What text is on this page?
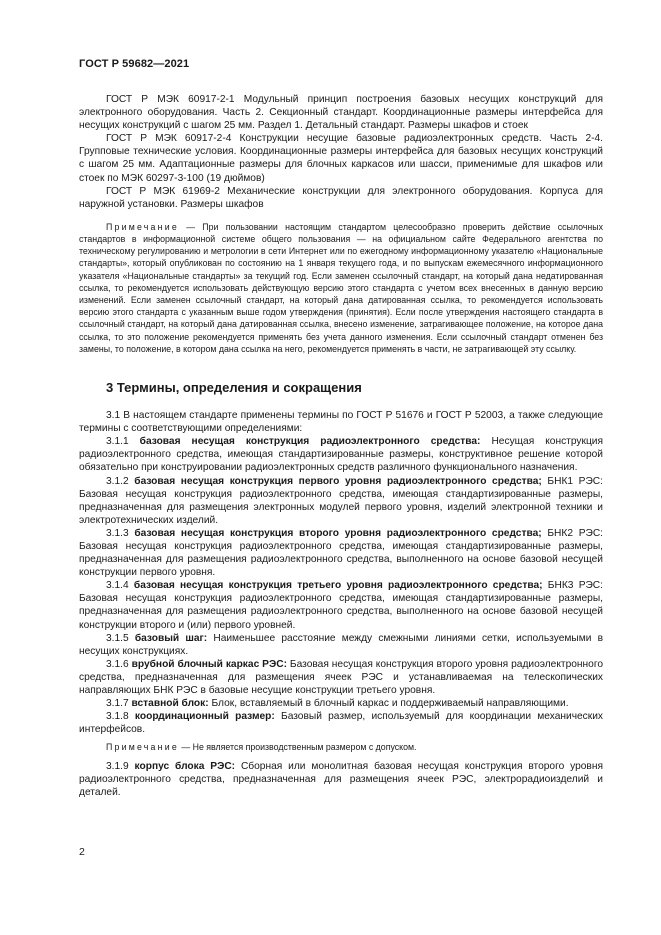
ГОСТ Р 59682—2021

ГОСТ Р МЭК 60917-2-1 Модульный принцип построения базовых несущих конструкций для электронного оборудования. Часть 2. Секционный стандарт. Координационные размеры интерфейса для несущих конструкций с шагом 25 мм. Раздел 1. Детальный стандарт. Размеры шкафов и стоек

ГОСТ Р МЭК 60917-2-4 Конструкции несущие базовые радиоэлектронных средств. Часть 2-4. Групповые технические условия. Координационные размеры интерфейса для базовых несущих конструкций с шагом 25 мм. Адаптационные размеры для блочных каркасов или шасси, применимые для шкафов или стоек по МЭК 60297-3-100 (19 дюймов)

ГОСТ Р МЭК 61969-2 Механические конструкции для электронного оборудования. Корпуса для наружной установки. Размеры шкафов

Примечание — При пользовании настоящим стандартом целесообразно проверить действие ссылочных стандартов в информационной системе общего пользования — на официальном сайте Федерального агентства по техническому регулированию и метрологии в сети Интернет или по ежегодному информационному указателю «Национальные стандарты», который опубликован по состоянию на 1 января текущего года, и по выпускам ежемесячного информационного указателя «Национальные стандарты» за текущий год. Если заменен ссылочный стандарт, на который дана недатированная ссылка, то рекомендуется использовать действующую версию этого стандарта с учетом всех внесенных в данную версию изменений. Если заменен ссылочный стандарт, на который дана датированная ссылка, то рекомендуется использовать версию этого стандарта с указанным выше годом утверждения (принятия). Если после утверждения настоящего стандарта в ссылочный стандарт, на который дана датированная ссылка, внесено изменение, затрагивающее положение, на которое дана ссылка, то это положение рекомендуется применять без учета данного изменения. Если ссылочный стандарт отменен без замены, то положение, в котором дана ссылка на него, рекомендуется применять в части, не затрагивающей эту ссылку.

3 Термины, определения и сокращения

3.1 В настоящем стандарте применены термины по ГОСТ Р 51676 и ГОСТ Р 52003, а также следующие термины с соответствующими определениями:

3.1.1 базовая несущая конструкция радиоэлектронного средства: Несущая конструкция радиоэлектронного средства, имеющая стандартизированные размеры, конструктивное решение которой обязательно при конструировании радиоэлектронных средств различного функционального назначения.

3.1.2 базовая несущая конструкция первого уровня радиоэлектронного средства; БНК1 РЭС: Базовая несущая конструкция радиоэлектронного средства, имеющая стандартизированные размеры, предназначенная для размещения электронных модулей первого уровня, изделий электронной техники и электротехнических изделий.

3.1.3 базовая несущая конструкция второго уровня радиоэлектронного средства; БНК2 РЭС: Базовая несущая конструкция радиоэлектронного средства, имеющая стандартизированные размеры, предназначенная для размещения радиоэлектронного средства, выполненного на основе базовой несущей конструкции первого уровня.

3.1.4 базовая несущая конструкция третьего уровня радиоэлектронного средства; БНК3 РЭС: Базовая несущая конструкция радиоэлектронного средства, имеющая стандартизированные размеры, предназначенная для размещения радиоэлектронного средства, выполненного на основе базовой несущей конструкции второго и (или) первого уровней.

3.1.5 базовый шаг: Наименьшее расстояние между смежными линиями сетки, используемыми в несущих конструкциях.

3.1.6 врубной блочный каркас РЭС: Базовая несущая конструкция второго уровня радиоэлектронного средства, предназначенная для размещения ячеек РЭС и устанавливаемая на телескопических направляющих БНК РЭС в базовые несущие конструкции третьего уровня.

3.1.7 вставной блок: Блок, вставляемый в блочный каркас и поддерживаемый направляющими.

3.1.8 координационный размер: Базовый размер, используемый для координации механических интерфейсов.

Примечание — Не является производственным размером с допуском.

3.1.9 корпус блока РЭС: Сборная или монолитная базовая несущая конструкция второго уровня радиоэлектронного средства, предназначенная для размещения ячеек РЭС, электрорадиоизделий и деталей.

2
